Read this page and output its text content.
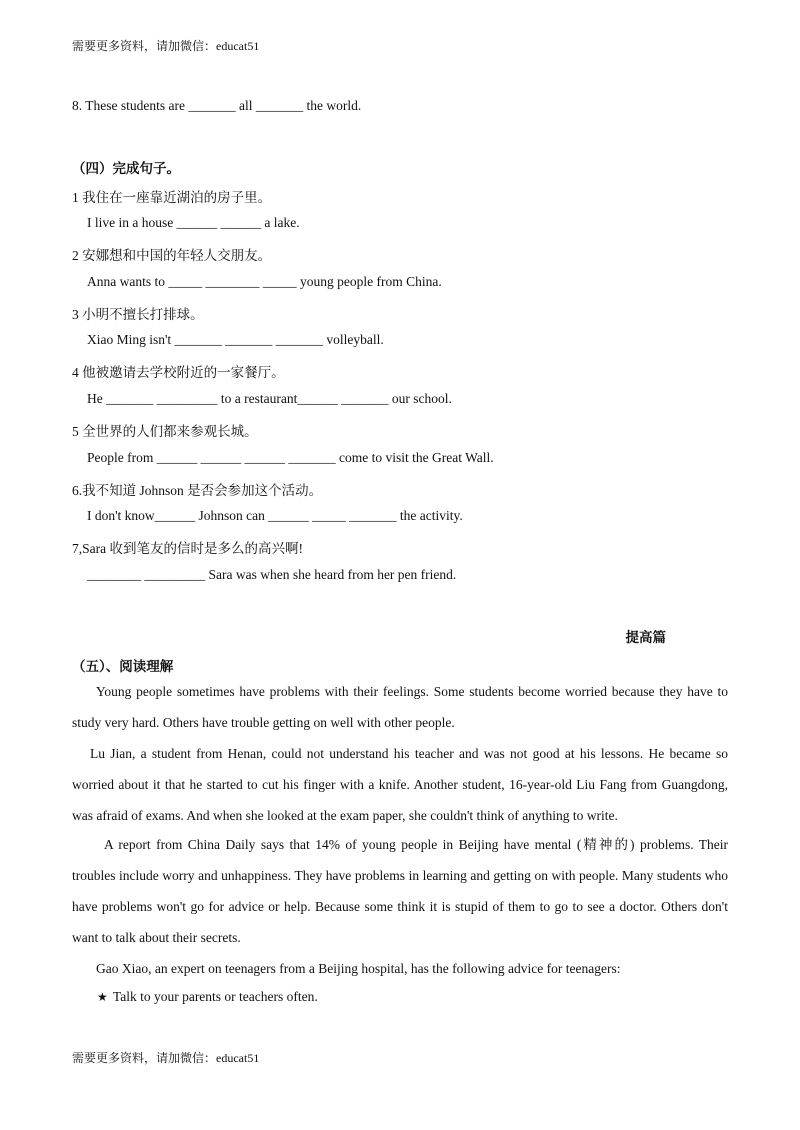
需要更多资料，请加微信：educat51
8. These students are _______ all _______ the world.
（四）完成句子。
1 我住在一座靠近湖泊的房子里。
I live in a house ______ ______ a lake.
2 安娜想和中国的年轻人交朋友。
Anna wants to _____ ________ _____ young people from China.
3 小明不擅长打排球。
Xiao Ming isn't _______ _______ _______ volleyball.
4 他被邀请去学校附近的一家餐厅。
He _______ _________ to a restaurant______ _______ our school.
5 全世界的人们都来参观长城。
People from ______ ______ ______ _______ come to visit the Great Wall.
6.我不知道 Johnson 是否会参加这个活动。
I don't know______ Johnson can ______ _____ _______ the activity.
7,Sara 收到笔友的信时是多么的高兴啊!
________ _________ Sara was when she heard from her pen friend.
提高篇
（五）、阅读理解

Young people sometimes have problems with their feelings. Some students become worried because they have to study very hard. Others have trouble getting on well with other people.

Lu Jian, a student from Henan, could not understand his teacher and was not good at his lessons. He became so worried about it that he started to cut his finger with a knife. Another student, 16-year-old Liu Fang from Guangdong, was afraid of exams. And when she looked at the exam paper, she couldn't think of anything to write.

A report from China Daily says that 14% of young people in Beijing have mental (精神的) problems. Their troubles include worry and unhappiness. They have problems in learning and getting on with people. Many students who have problems won't go for advice or help. Because some think it is stupid of them to go to see a doctor. Others don't want to talk about their secrets.

Gao Xiao, an expert on teenagers from a Beijing hospital, has the following advice for teenagers:

★ Talk to your parents or teachers often.
需要更多资料，请加微信：educat51
